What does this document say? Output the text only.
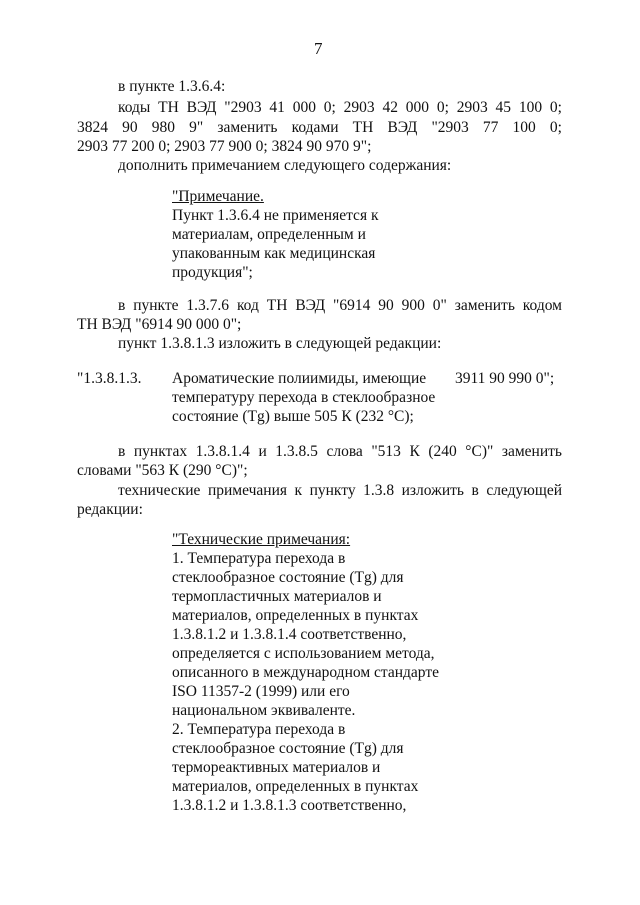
7
в пункте 1.3.6.4:
коды ТН ВЭД "2903 41 000 0; 2903 42 000 0; 2903 45 100 0;
3824 90 980 9" заменить кодами ТН ВЭД "2903 77 100 0;
2903 77 200 0; 2903 77 900 0; 3824 90 970 9";
дополнить примечанием следующего содержания:
"Примечание.
Пункт 1.3.6.4 не применяется к
материалам, определенным и
упакованным как медицинская
продукция";
в пункте 1.3.7.6 код ТН ВЭД "6914 90 900 0" заменить кодом
ТН ВЭД "6914 90 000 0";
пункт 1.3.8.1.3 изложить в следующей редакции:
"1.3.8.1.3. Ароматические полиимиды, имеющие
температуру перехода в стеклообразное
состояние (Tg) выше 505 К (232 °С);
3911 90 990 0";
в пунктах 1.3.8.1.4 и 1.3.8.5 слова "513 К (240 °С)" заменить
словами "563 К (290 °С)";
технические примечания к пункту 1.3.8 изложить в следующей
редакции:
"Технические примечания:
1. Температура перехода в
стеклообразное состояние (Tg) для
термопластичных материалов и
материалов, определенных в пунктах
1.3.8.1.2 и 1.3.8.1.4 соответственно,
определяется с использованием метода,
описанного в международном стандарте
ISO 11357-2 (1999) или его
национальном эквиваленте.
2. Температура перехода в
стеклообразное состояние (Tg) для
термореактивных материалов и
материалов, определенных в пунктах
1.3.8.1.2 и 1.3.8.1.3 соответственно,
